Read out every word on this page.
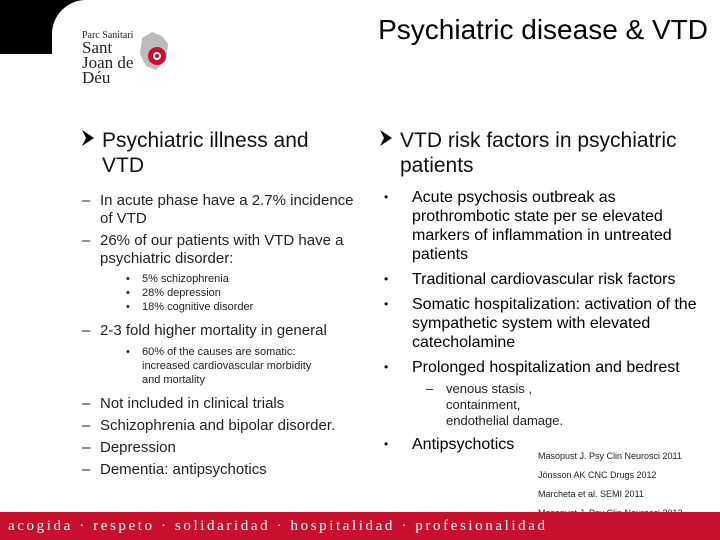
Psychiatric disease & VTD
Parc Sanitari
Sant Joan de Déu
Psychiatric illness and VTD
– In acute phase have a 2.7% incidence of VTD
– 26% of our patients with VTD have a psychiatric disorder:
• 5% schizophrenia
• 28% depression
• 18% cognitive disorder
– 2-3 fold higher mortality in general
• 60% of the causes are somatic: increased cardiovascular morbidity and mortality
– Not included in clinical trials
– Schizophrenia and bipolar disorder.
– Depression
– Dementia: antipsychotics
VTD risk factors in psychiatric patients
• Acute psychosis outbreak as prothrombotic state per se elevated markers of inflammation in untreated patients
• Traditional cardiovascular risk factors
• Somatic hospitalization: activation of the sympathetic system with elevated catecholamine
• Prolonged hospitalization and bedrest
– venous stasis , containment, endothelial damage.
• Antipsychotics
Masopust J. Psy Clin Neurosci 2011
Jönsson AK CNC Drugs 2012
Marcheta et al. SEMI 2011
acogida · respeto · solidaridad · hospitalidad · profesionalidad
